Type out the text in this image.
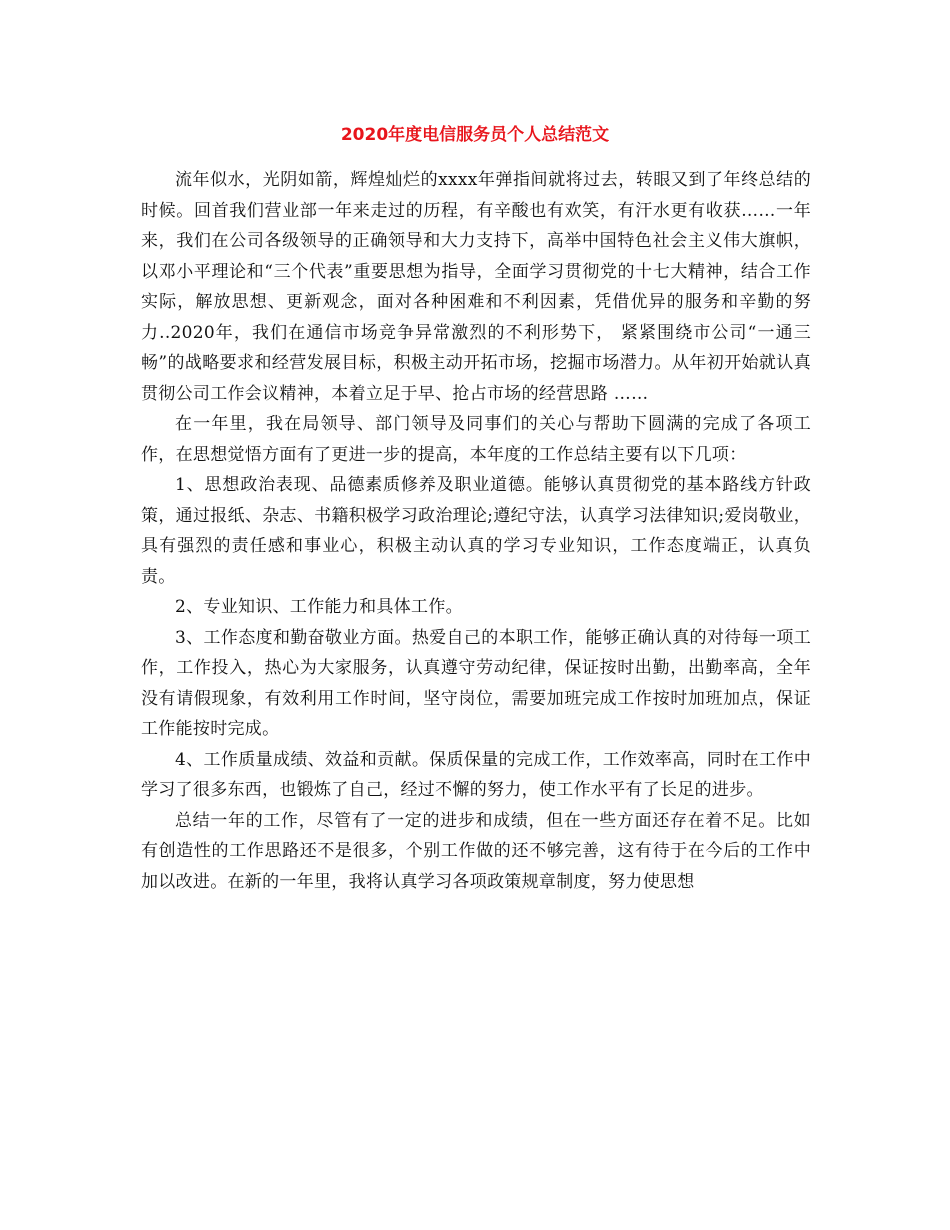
2020年度电信服务员个人总结范文

流年似水，光阴如箭，辉煌灿烂的xxxx年弹指间就将过去，转眼又到了年终总结的时候。回首我们营业部一年来走过的历程，有辛酸也有欢笑，有汗水更有收获……一年来，我们在公司各级领导的正确领导和大力支持下，高举中国特色社会主义伟大旗帜，以邓小平理论和“三个代表”重要思想为指导，全面学习贯彻党的十七大精神，结合工作实际，解放思想、更新观念，面对各种困难和不利因素，凭借优异的服务和辛勤的努力..2020年，我们在通信市场竞争异常激烈的不利形势下， 紧紧围绕市公司“一通三畅”的战略要求和经营发展目标，积极主动开拓市场，挖掘市场潜力。从年初开始就认真贯彻公司工作会议精神，本着立足于早、抢占市场的经营思路 ……

在一年里，我在局领导、部门领导及同事们的关心与帮助下圆满的完成了各项工作，在思想觉悟方面有了更进一步的提高，本年度的工作总结主要有以下几项：

1、思想政治表现、品德素质修养及职业道德。能够认真贯彻党的基本路线方针政策，通过报纸、杂志、书籍积极学习政治理论;遵纪守法，认真学习法律知识;爱岗敬业，具有强烈的责任感和事业心，积极主动认真的学习专业知识，工作态度端正，认真负责。

2、专业知识、工作能力和具体工作。

3、工作态度和勤奋敬业方面。热爱自己的本职工作，能够正确认真的对待每一项工作，工作投入，热心为大家服务，认真遵守劳动纪律，保证按时出勤，出勤率高，全年没有请假现象，有效利用工作时间，坚守岗位，需要加班完成工作按时加班加点，保证工作能按时完成。

4、工作质量成绩、效益和贡献。保质保量的完成工作，工作效率高，同时在工作中学习了很多东西，也锻炼了自己，经过不懈的努力，使工作水平有了长足的进步。

总结一年的工作，尽管有了一定的进步和成绩，但在一些方面还存在着不足。比如有创造性的工作思路还不是很多，个别工作做的还不够完善，这有待于在今后的工作中加以改进。在新的一年里，我将认真学习各项政策规章制度，努力使思想
